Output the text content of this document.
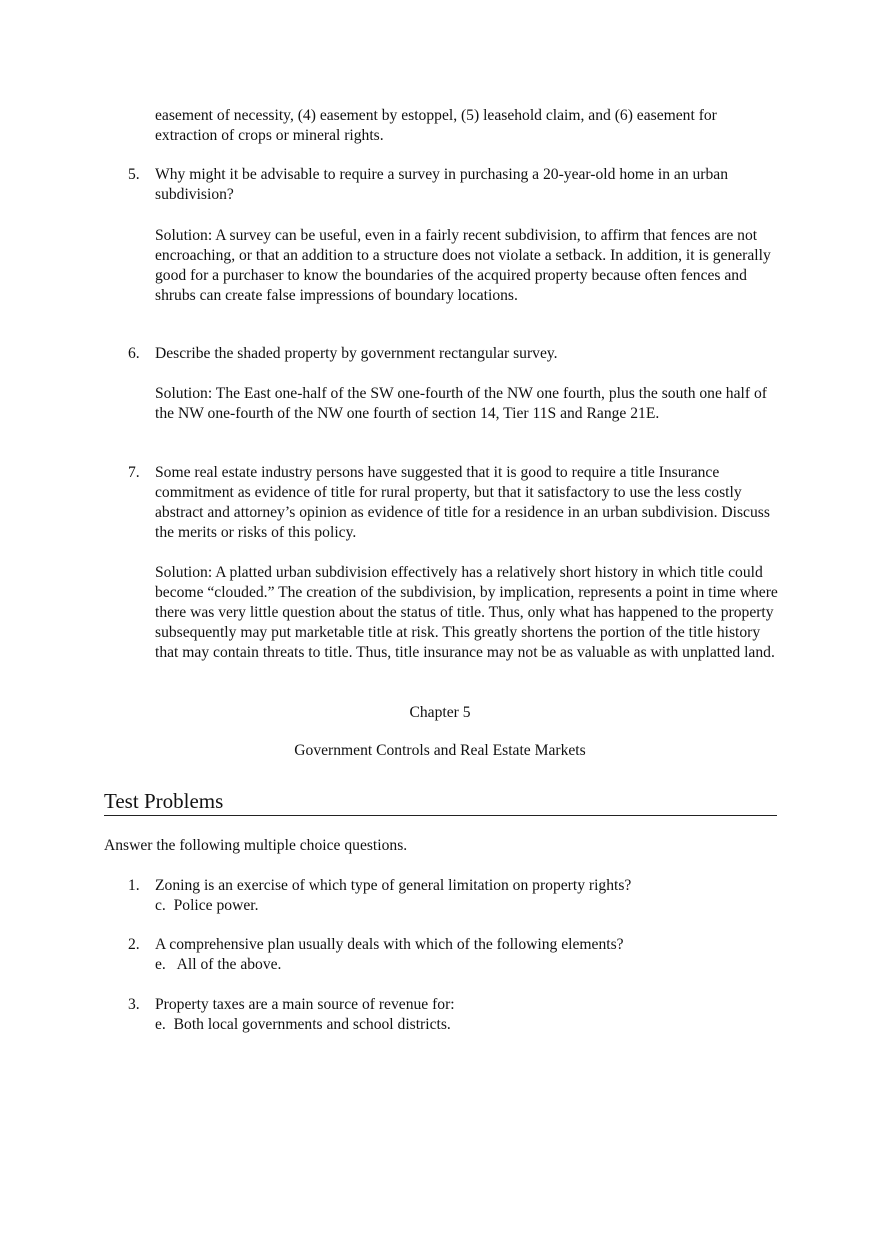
easement of necessity, (4) easement by estoppel, (5) leasehold claim, and (6) easement for extraction of crops or mineral rights.

5. Why might it be advisable to require a survey in purchasing a 20-year-old home in an urban subdivision?

Solution: A survey can be useful, even in a fairly recent subdivision, to affirm that fences are not encroaching, or that an addition to a structure does not violate a setback. In addition, it is generally good for a purchaser to know the boundaries of the acquired property because often fences and shrubs can create false impressions of boundary locations.

6. Describe the shaded property by government rectangular survey.

Solution: The East one-half of the SW one-fourth of the NW one fourth, plus the south one half of the NW one-fourth of the NW one fourth of section 14, Tier 11S and Range 21E.

7. Some real estate industry persons have suggested that it is good to require a title Insurance commitment as evidence of title for rural property, but that it satisfactory to use the less costly abstract and attorney’s opinion as evidence of title for a residence in an urban subdivision. Discuss the merits or risks of this policy.

Solution: A platted urban subdivision effectively has a relatively short history in which title could become “clouded.” The creation of the subdivision, by implication, represents a point in time where there was very little question about the status of title. Thus, only what has happened to the property subsequently may put marketable title at risk. This greatly shortens the portion of the title history that may contain threats to title. Thus, title insurance may not be as valuable as with unplatted land.

Chapter 5

Government Controls and Real Estate Markets

Test Problems

Answer the following multiple choice questions.

1. Zoning is an exercise of which type of general limitation on property rights?
c.  Police power.
2. A comprehensive plan usually deals with which of the following elements?
e.   All of the above.
3. Property taxes are a main source of revenue for:
e.  Both local governments and school districts.
